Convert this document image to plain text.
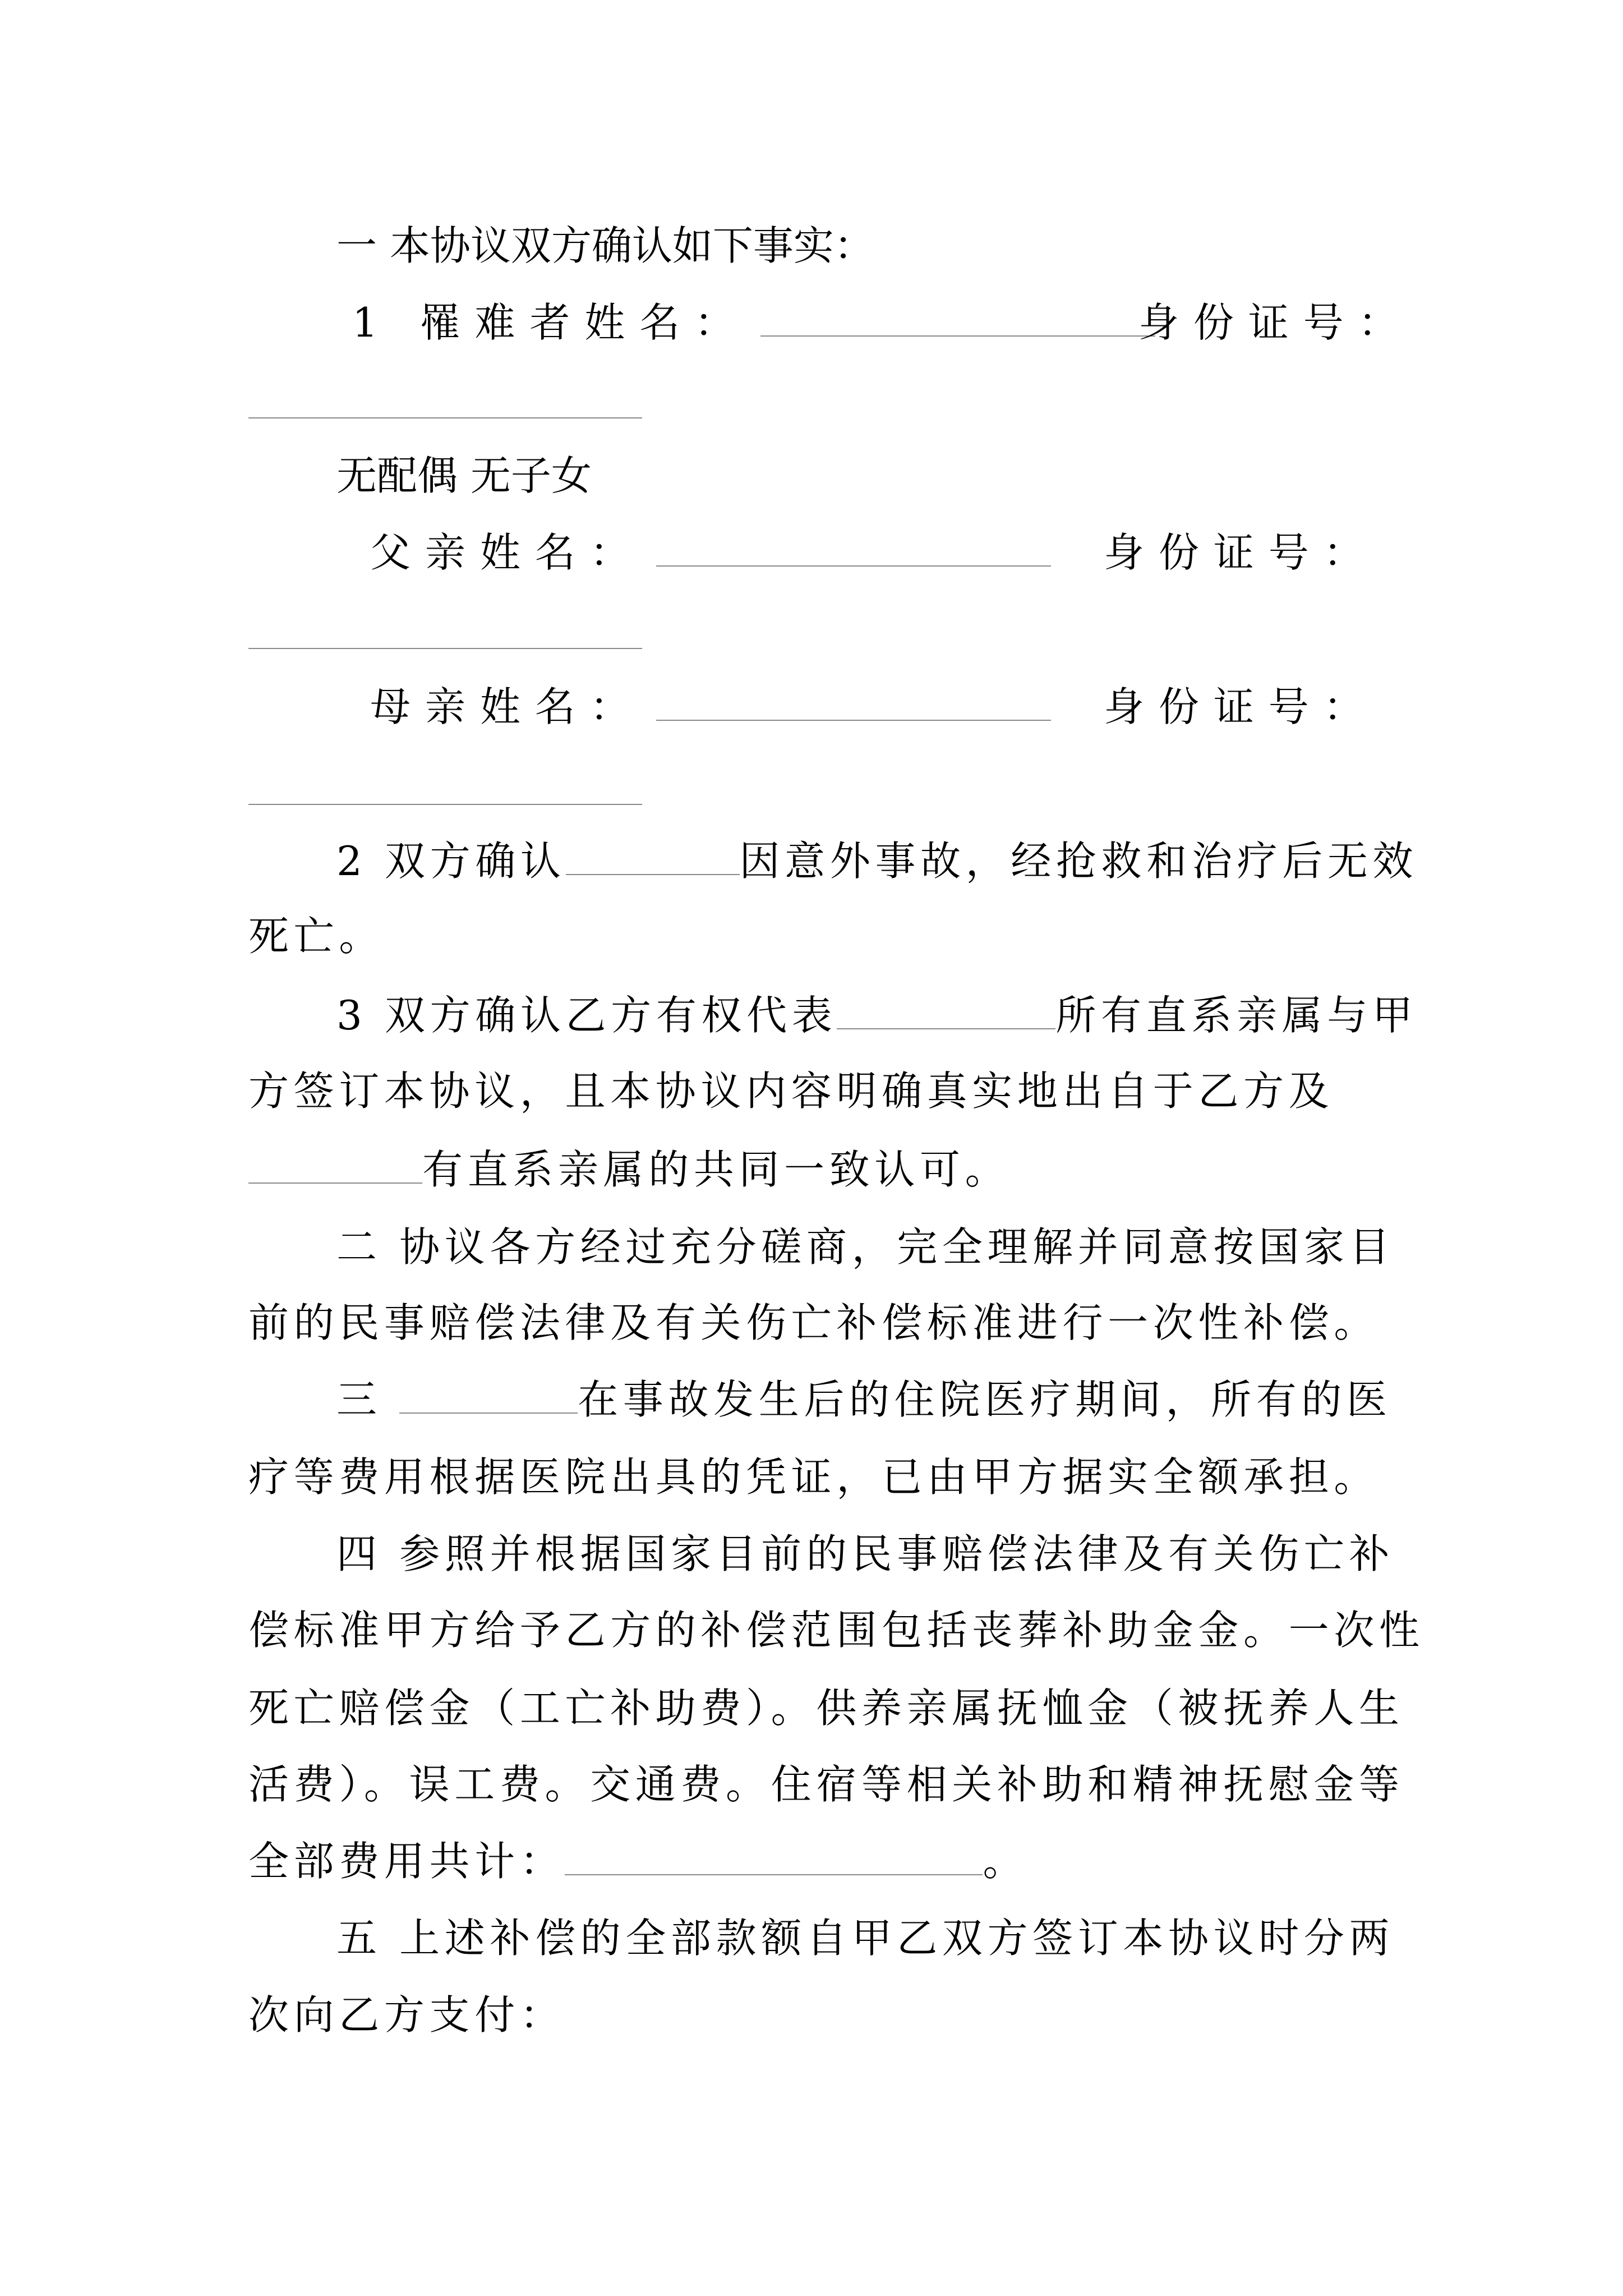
一 本协议双方确认如下事实：
1 罹难者姓名：	身份证号：
无配偶 无子女
父亲姓名：	身份证号：
母亲姓名：	身份证号：
2 双方确认	因意外事故，经抢救和治疗后无效
死亡。
3 双方确认乙方有权代表	所有直系亲属与甲
方签订本协议，且本协议内容明确真实地出自于乙方及
有直系亲属的共同一致认可。
二 协议各方经过充分磋商，完全理解并同意按国家目
前的民事赔偿法律及有关伤亡补偿标准进行一次性补偿。
三	在事故发生后的住院医疗期间，所有的医
疗等费用根据医院出具的凭证，已由甲方据实全额承担。
四 参照并根据国家目前的民事赔偿法律及有关伤亡补
偿标准甲方给予乙方的补偿范围包括丧葬补助金金。一次性
死亡赔偿金（工亡补助费）。供养亲属抚恤金（被抚养人生
活费）。误工费。交通费。住宿等相关补助和精神抚慰金等
全部费用共计：	。
五 上述补偿的全部款额自甲乙双方签订本协议时分两
次向乙方支付：
